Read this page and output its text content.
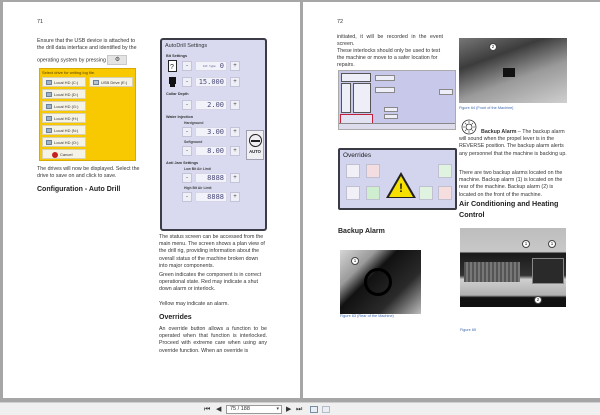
71
Ensure that the USB device is attached to
the drill data interface and identified by the
operating system by pressing ⚙
Select drive for writing log file.
Local HD (C:)	USB Drive (E:)
Local HD (D:)
Local HD (G:)
Local HD (H:)
Local HD (N:)
Local HD (O:)
Cancel
The drives will now be displayed. Select the
drive to save on and click to save.
Configuration - Auto Drill
AutoDrill Settings
Bit Settings
?	-	bit type 0	+
-	15.000	+
Collar Depth
-	2.00	+
Water Injection
Hardground
-	3.00	+
Softground
-	8.00	+	AUTO
Anti Jam Settings
Low Bit Air Limit
-	8888	+
High Bit Air Limit
-	8888	+
The status screen can be accessed from the main menu. The screen shows a plan view of the drill rig, providing information about the overall status of the machine broken down into major components.
Green indicates the component is in correct operational state. Red may indicate a shut down alarm or interlock.
Yellow may indicate an alarm.
Overrides
An override button allows a function to be operated when that function is interlocked. Proceed with extreme care when using any override function. When an override is
72
initiated, it will be recorded in the event screen.
These interlocks should only be used to test the machine or move to a safer location for repairs.
Overrides
!
Backup Alarm
1
Figure 63 (Rear of the Machine)
2
Figure 64 (Front of the Machine)
Backup Alarm – The backup alarm will sound when the propel lever is in the REVERSE position. The backup alarm alerts any personnel that the machine is backing up.
There are two backup alarms located on the machine. Backup alarm (1) is located on the rear of the machine. Backup alarm (2) is located on the front of the machine.
Air Conditioning and Heating Control
1	1
2
Figure 65
⏮ ◀	75 / 188	▾ ▶ ⏭
